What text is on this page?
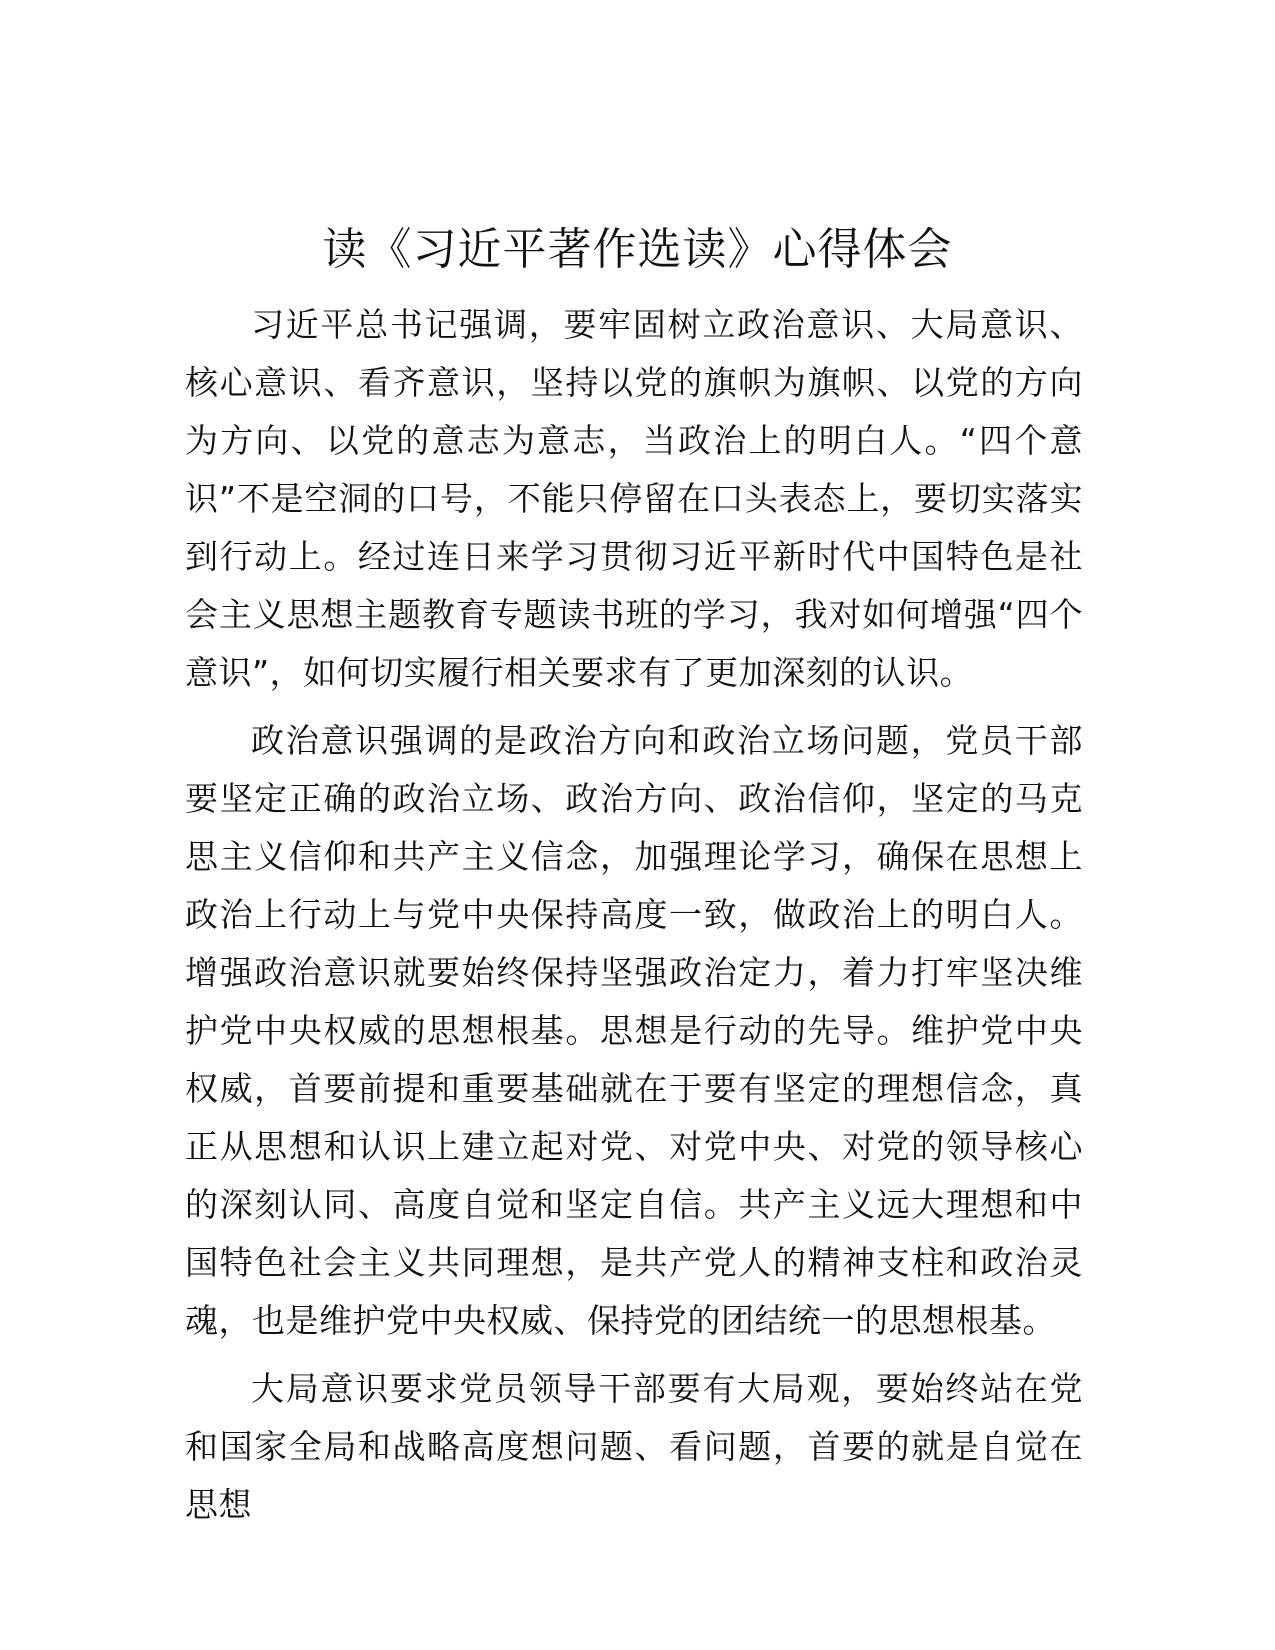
读《习近平著作选读》心得体会

习近平总书记强调，要牢固树立政治意识、大局意识、核心意识、看齐意识，坚持以党的旗帜为旗帜、以党的方向为方向、以党的意志为意志，当政治上的明白人。“四个意识”不是空洞的口号，不能只停留在口头表态上，要切实落实到行动上。经过连日来学习贯彻习近平新时代中国特色是社会主义思想主题教育专题读书班的学习，我对如何增强“四个意识”，如何切实履行相关要求有了更加深刻的认识。

政治意识强调的是政治方向和政治立场问题，党员干部要坚定正确的政治立场、政治方向、政治信仰，坚定的马克思主义信仰和共产主义信念，加强理论学习，确保在思想上政治上行动上与党中央保持高度一致，做政治上的明白人。增强政治意识就要始终保持坚强政治定力，着力打牢坚决维护党中央权威的思想根基。思想是行动的先导。维护党中央权威，首要前提和重要基础就在于要有坚定的理想信念，真正从思想和认识上建立起对党、对党中央、对党的领导核心的深刻认同、高度自觉和坚定自信。共产主义远大理想和中国特色社会主义共同理想，是共产党人的精神支柱和政治灵魂，也是维护党中央权威、保持党的团结统一的思想根基。

大局意识要求党员领导干部要有大局观，要始终站在党和国家全局和战略高度想问题、看问题，首要的就是自觉在思想
